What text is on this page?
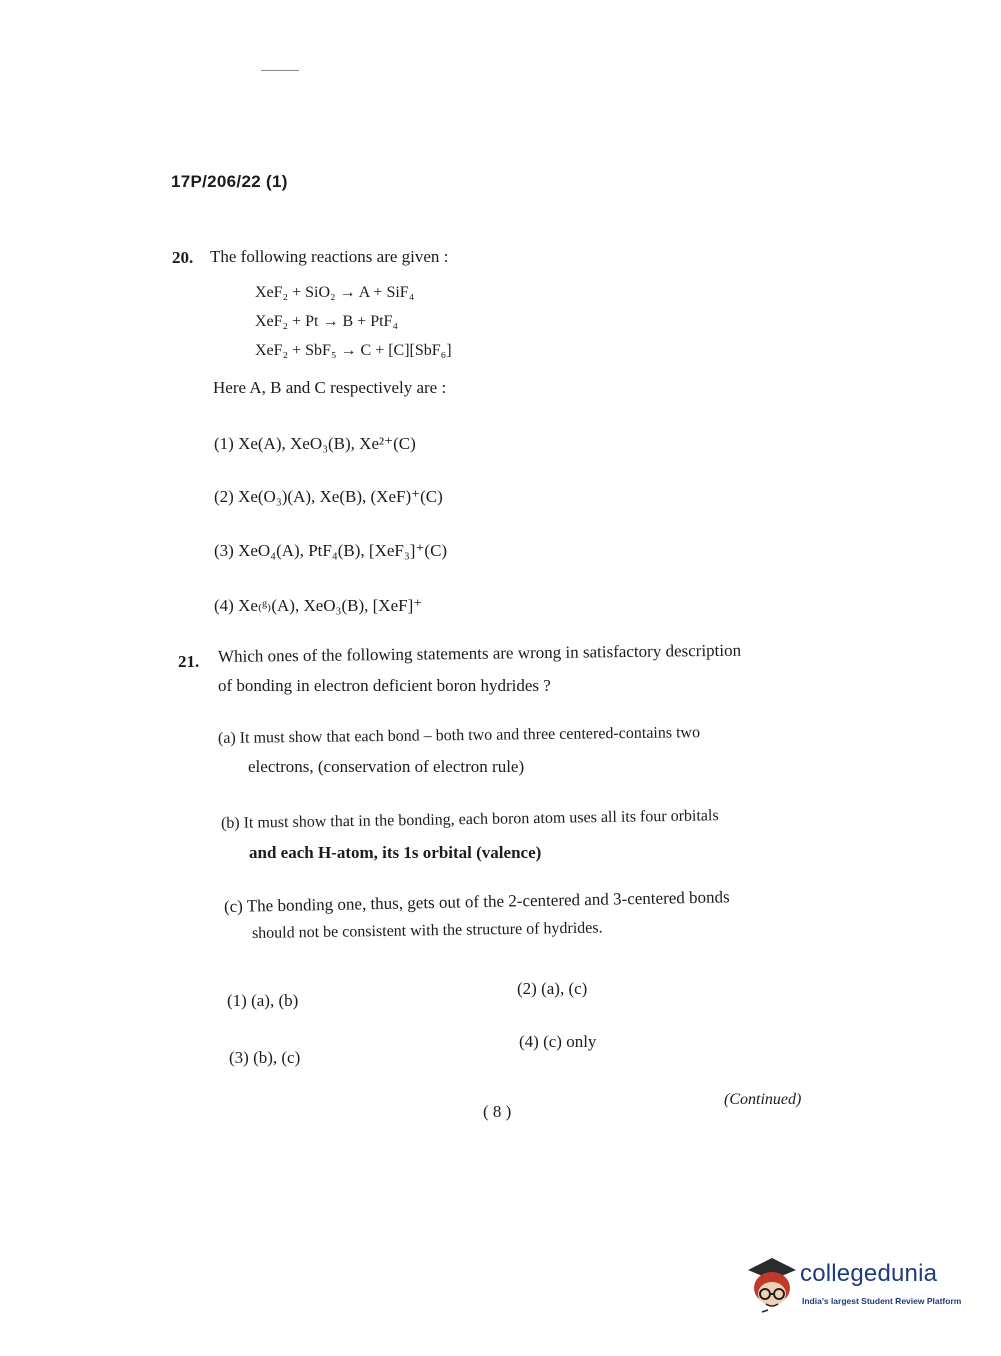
17P/206/22 (1)
20. The following reactions are given :
XeF₂ + SiO₂ → A + SiF₄
XeF₂ + Pt → B + PtF₄
XeF₂ + SbF₅ → C + [C][SbF₆]
Here A, B and C respectively are :
(1) Xe(A), XeO₃(B), Xe²⁺(C)
(2) Xe(O₃)(A), Xe(B), (XeF)⁺(C)
(3) XeO₄(A), PtF₄(B), [XeF₃]⁺(C)
(4) Xe₍ᵍ₎(A), XeO₃(B), [XeF]⁺
21. Which ones of the following statements are wrong in satisfactory description
of bonding in electron deficient boron hydrides ?
(a) It must show that each bond – both two and three centered-contains two
electrons, (conservation of electron rule)
(b) It must show that in the bonding, each boron atom uses all its four orbitals
and each H-atom, its 1s orbital (valence)
(c) The bonding one, thus, gets out of the 2-centered and 3-centered bonds
should not be consistent with the structure of hydrides.
(1) (a), (b)
(2) (a), (c)
(3) (b), (c)
(4) (c) only
( 8 )
(Continued)
collegedunia
India's largest Student Review Platform
